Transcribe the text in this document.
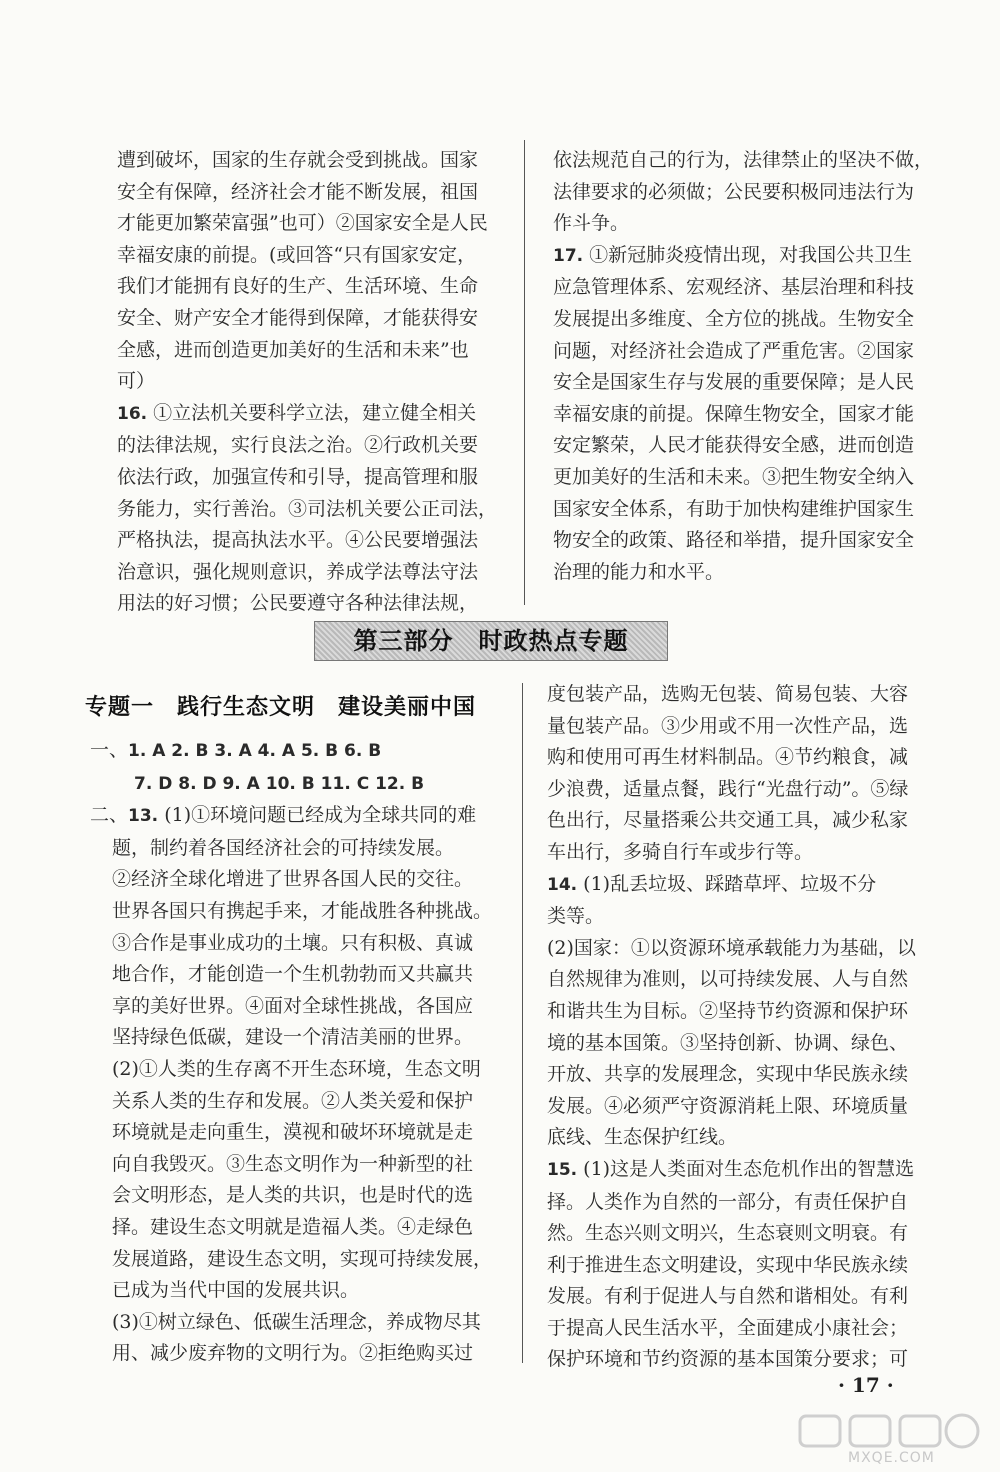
遭到破坏，国家的生存就会受到挑战。国家

安全有保障，经济社会才能不断发展，祖国

才能更加繁荣富强”也可）②国家安全是人民

幸福安康的前提。(或回答“只有国家安定，

我们才能拥有良好的生产、生活环境、生命

安全、财产安全才能得到保障，才能获得安

全感，进而创造更加美好的生活和未来”也

可）

16. ①立法机关要科学立法，建立健全相关

的法律法规，实行良法之治。②行政机关要

依法行政，加强宣传和引导，提高管理和服

务能力，实行善治。③司法机关要公正司法，

严格执法，提高执法水平。④公民要增强法

治意识，强化规则意识，养成学法尊法守法

用法的好习惯；公民要遵守各种法律法规，

依法规范自己的行为，法律禁止的坚决不做，

法律要求的必须做；公民要积极同违法行为

作斗争。

17. ①新冠肺炎疫情出现，对我国公共卫生

应急管理体系、宏观经济、基层治理和科技

发展提出多维度、全方位的挑战。生物安全

问题，对经济社会造成了严重危害。②国家

安全是国家生存与发展的重要保障；是人民

幸福安康的前提。保障生物安全，国家才能

安定繁荣，人民才能获得安全感，进而创造

更加美好的生活和未来。③把生物安全纳入

国家安全体系，有助于加快构建维护国家生

物安全的政策、路径和举措，提升国家安全

治理的能力和水平。

第三部分　时政热点专题
专题一　践行生态文明　建设美丽中国

一、1. A 2. B 3. A 4. A 5. B 6. B

7. D 8. D 9. A 10. B 11. C 12. B

二、13. (1)①环境问题已经成为全球共同的难

题，制约着各国经济社会的可持续发展。

②经济全球化增进了世界各国人民的交往。

世界各国只有携起手来，才能战胜各种挑战。

③合作是事业成功的土壤。只有积极、真诚

地合作，才能创造一个生机勃勃而又共赢共

享的美好世界。④面对全球性挑战，各国应

坚持绿色低碳，建设一个清洁美丽的世界。

(2)①人类的生存离不开生态环境，生态文明

关系人类的生存和发展。②人类关爱和保护

环境就是走向重生，漠视和破坏环境就是走

向自我毁灭。③生态文明作为一种新型的社

会文明形态，是人类的共识，也是时代的选

择。建设生态文明就是造福人类。④走绿色

发展道路，建设生态文明，实现可持续发展，

已成为当代中国的发展共识。

(3)①树立绿色、低碳生活理念，养成物尽其

用、减少废弃物的文明行为。②拒绝购买过

度包装产品，选购无包装、简易包装、大容

量包装产品。③少用或不用一次性产品，选

购和使用可再生材料制品。④节约粮食，减

少浪费，适量点餐，践行“光盘行动”。⑤绿

色出行，尽量搭乘公共交通工具，减少私家

车出行，多骑自行车或步行等。

14. (1)乱丢垃圾、踩踏草坪、垃圾不分

类等。

(2)国家：①以资源环境承载能力为基础，以

自然规律为准则，以可持续发展、人与自然

和谐共生为目标。②坚持节约资源和保护环

境的基本国策。③坚持创新、协调、绿色、

开放、共享的发展理念，实现中华民族永续

发展。④必须严守资源消耗上限、环境质量

底线、生态保护红线。

15. (1)这是人类面对生态危机作出的智慧选

择。人类作为自然的一部分，有责任保护自

然。生态兴则文明兴，生态衰则文明衰。有

利于推进生态文明建设，实现中华民族永续

发展。有利于促进人与自然和谐相处。有利

于提高人民生活水平，全面建成小康社会；

保护环境和节约资源的基本国策分要求；可

· 17 ·
MXQE.COM
